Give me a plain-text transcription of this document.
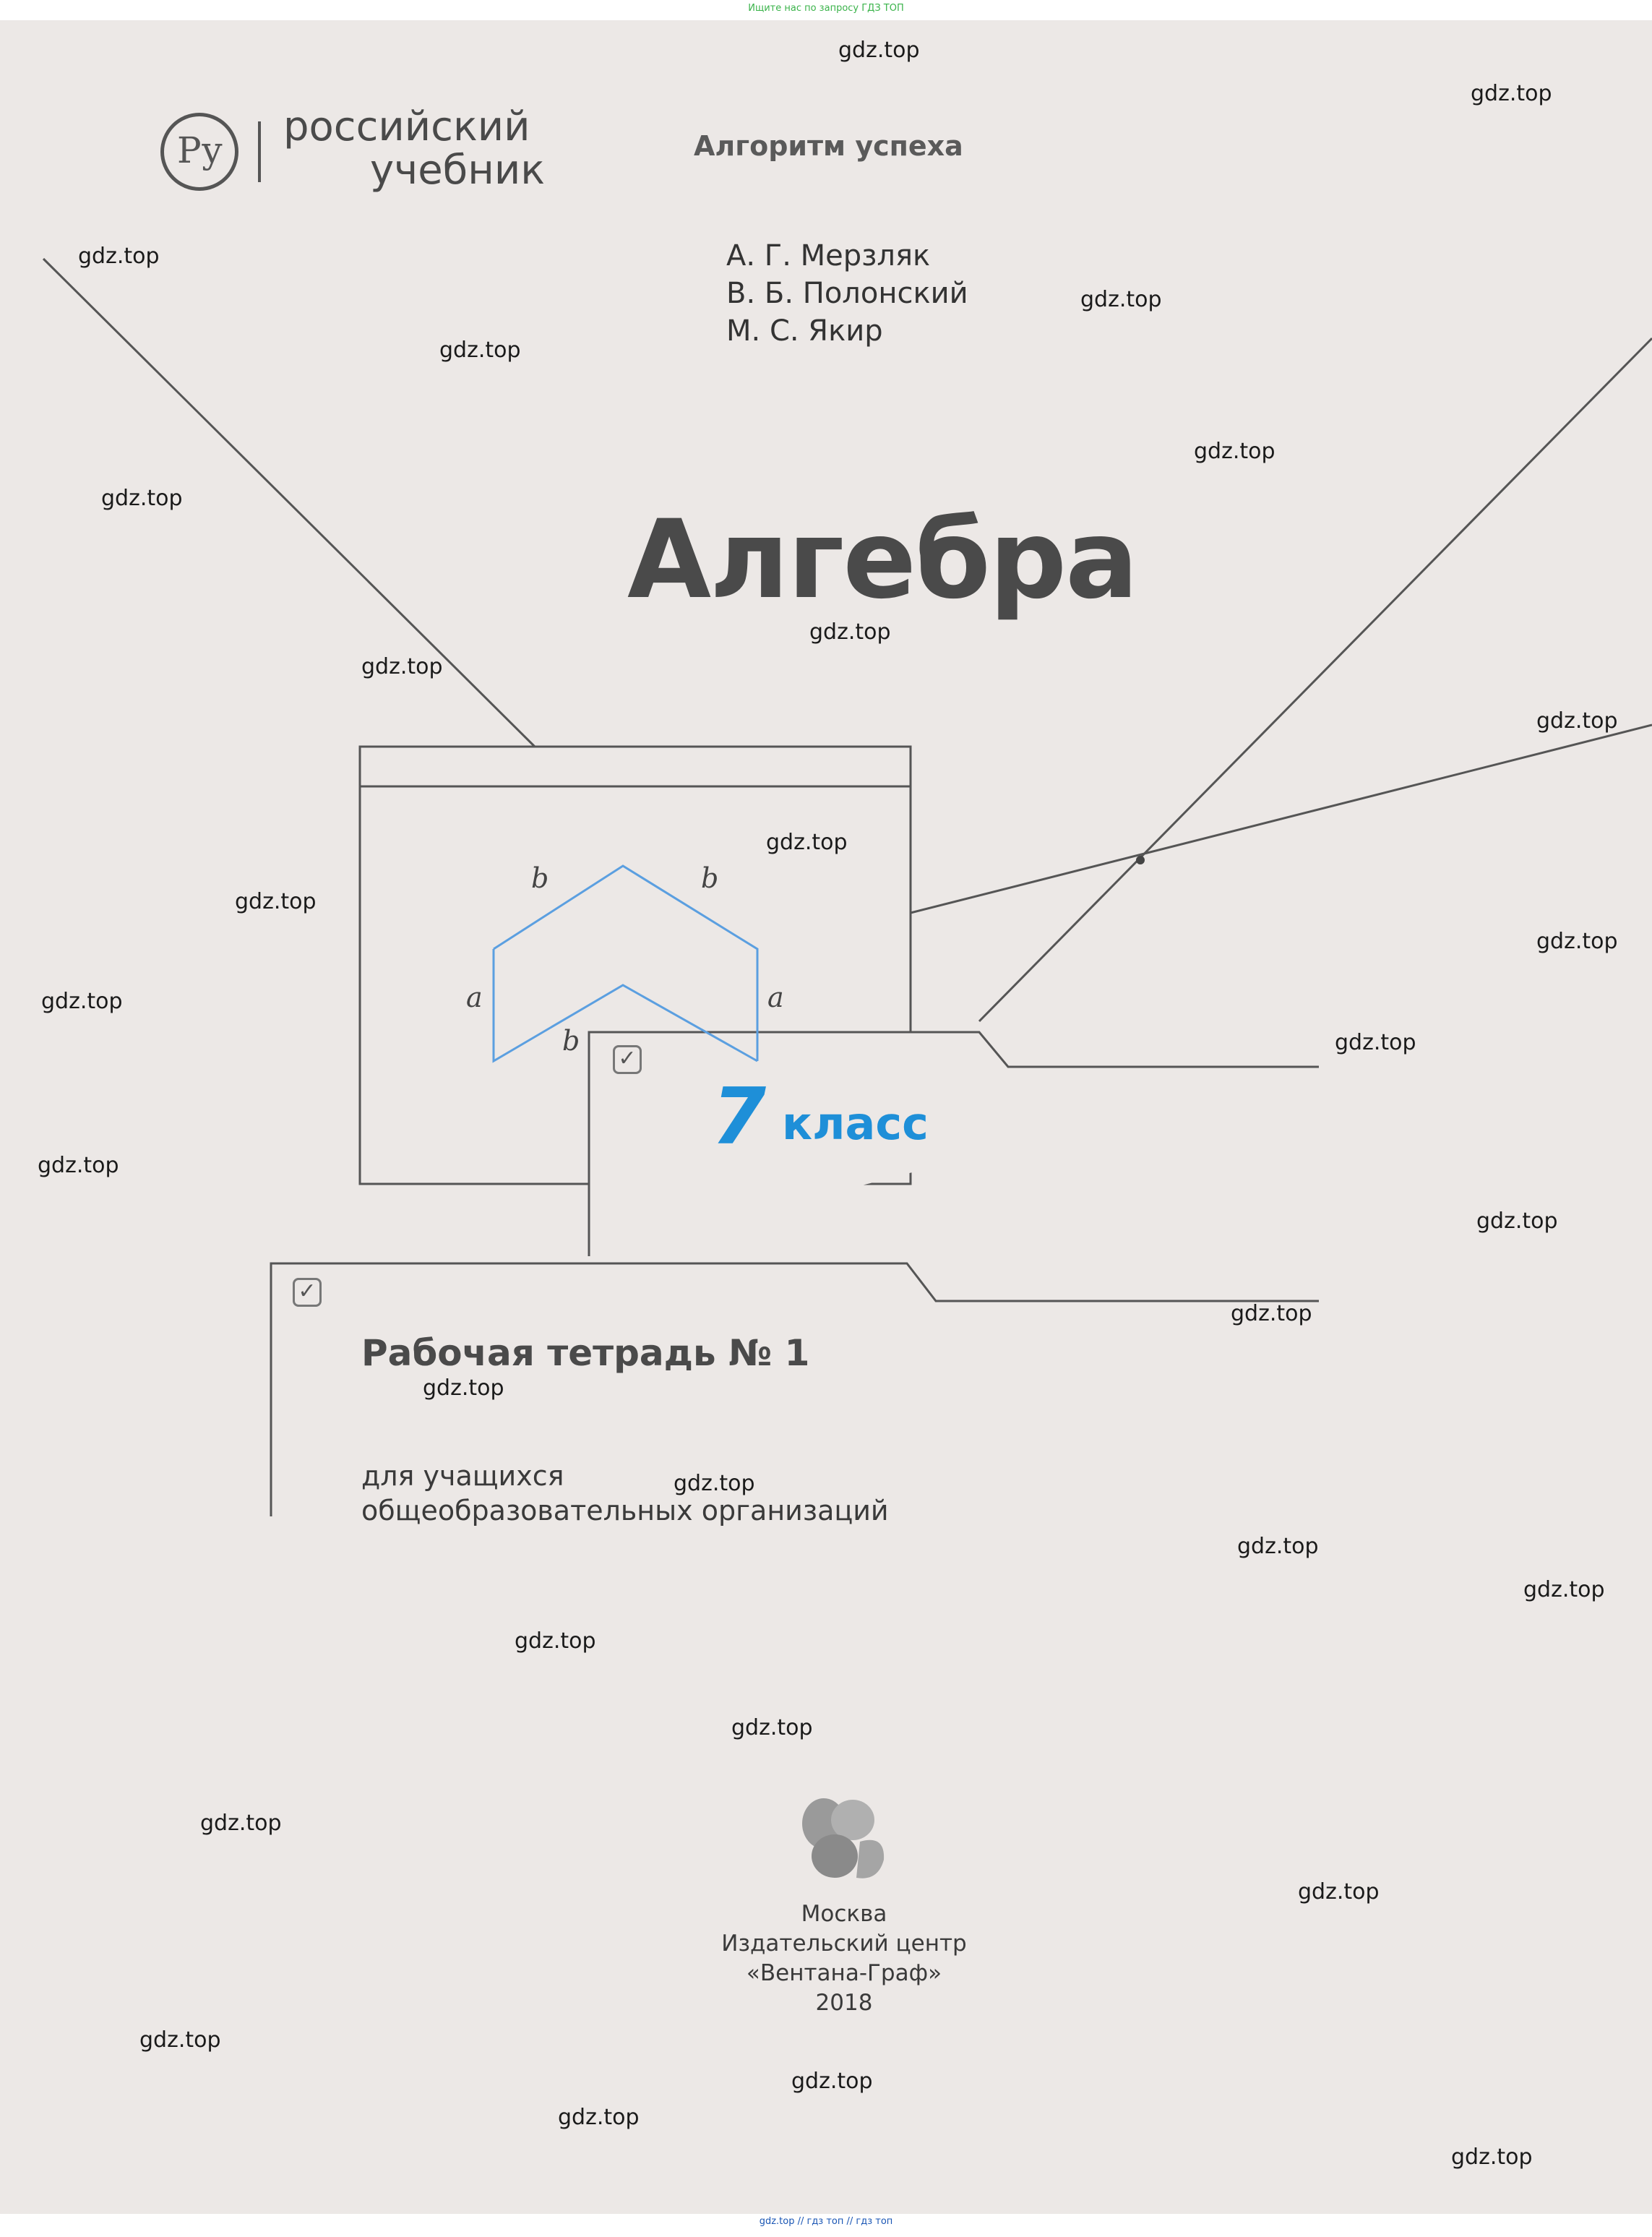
Ищите нас по запросу ГДЗ ТОП

Ру российский
учебник
Алгоритм успеха
А. Г. Мерзляк
В. Б. Полонский
М. С. Якир
Алгебра
b	b
a	a
b
✓
7 класс
✓
Рабочая тетрадь № 1
для учащихся
общеобразовательных организаций
Москва
Издательский центр
«Вентана-Граф»
2018
gdz.top
gdz.top
gdz.top
gdz.top
gdz.top
gdz.top
gdz.top
gdz.top
gdz.top
gdz.top
gdz.top
gdz.top
gdz.top
gdz.top
gdz.top
gdz.top
gdz.top
gdz.top
gdz.top
gdz.top
gdz.top
gdz.top
gdz.top
gdz.top
gdz.top
gdz.top
gdz.top
gdz.top
gdz.top
gdz.top
gdz.top // гдз топ // гдз топ
